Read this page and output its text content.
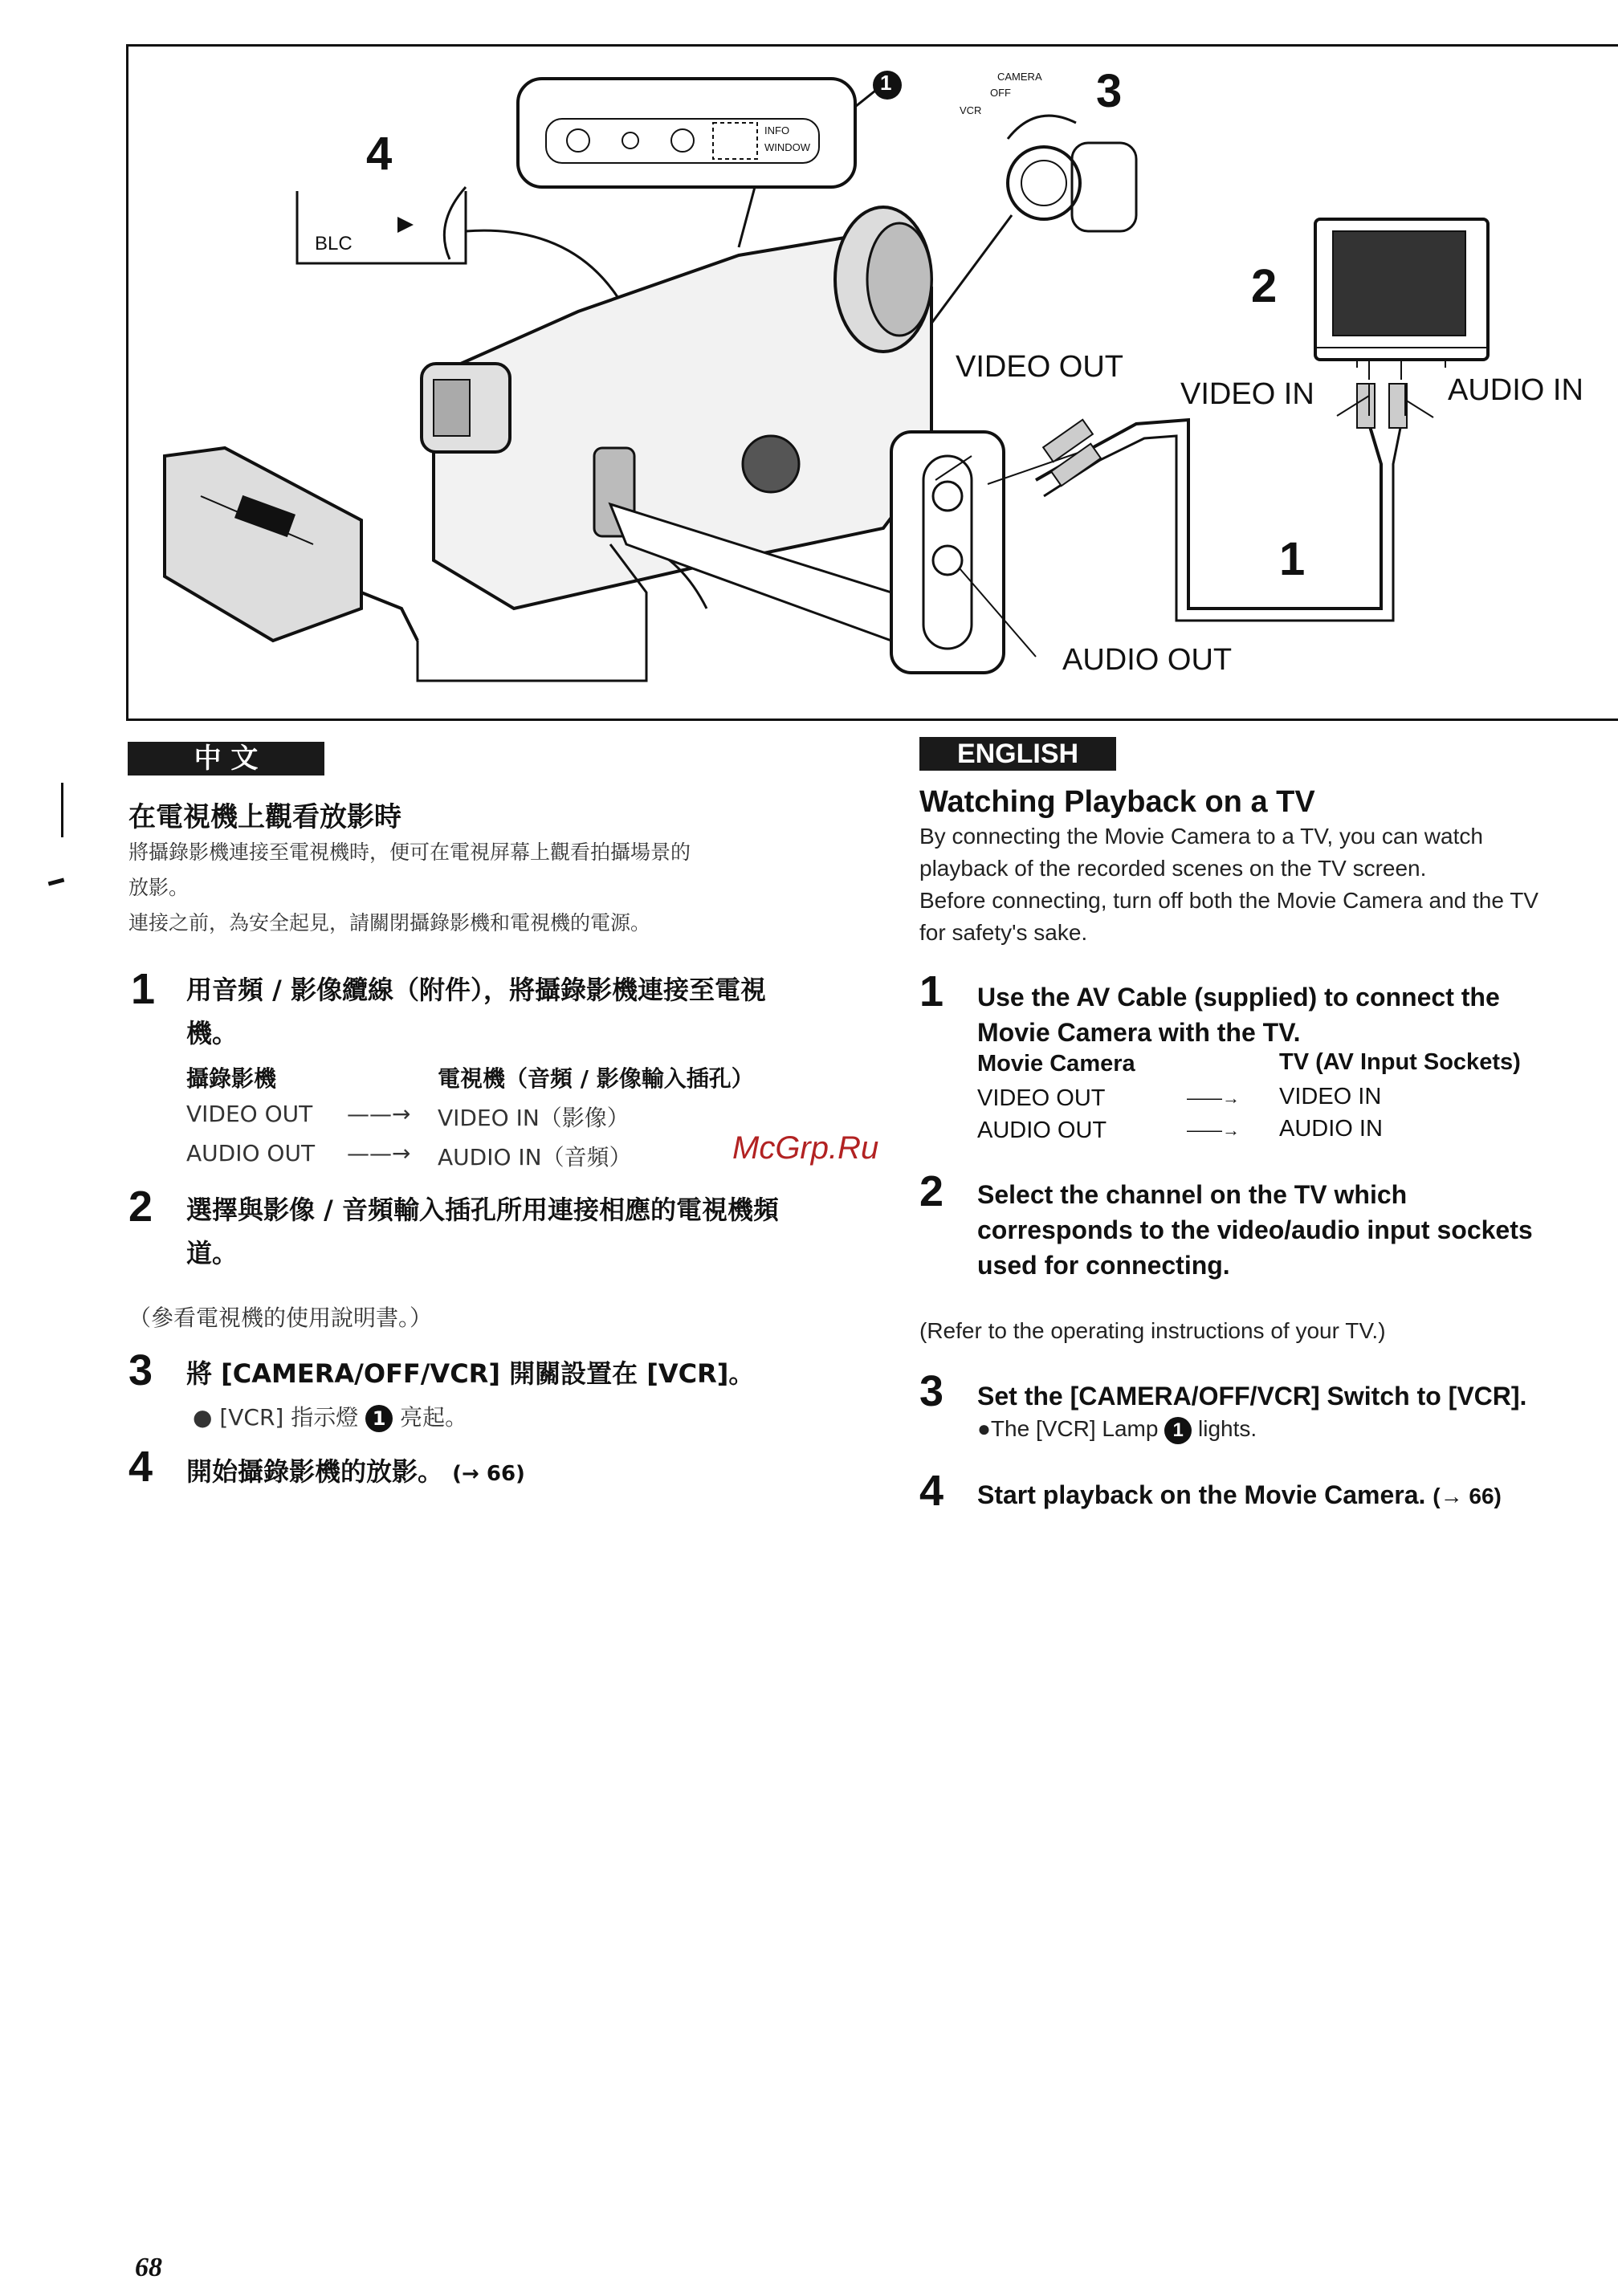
VIDEO OUT
VIDEO IN	AUDIO IN
AUDIO OUT
BLC
INFO
WINDOW
CAMERA
OFF
VCR
4
3
2
1
1
中 文
在電視機上觀看放影時
將攝錄影機連接至電視機時，便可在電視屏幕上觀看拍攝場景的
放影。
連接之前，為安全起見，請關閉攝錄影機和電視機的電源。
1 用音頻 / 影像纜線（附件），將攝錄影機連接至電視
機。
攝錄影機	電視機（音頻 / 影像輸入插孔）
VIDEO OUT ——→ VIDEO IN（影像）
AUDIO OUT ——→ AUDIO IN（音頻）
2 選擇與影像 / 音頻輸入插孔所用連接相應的電視機頻
道。
（參看電視機的使用說明書。）
3 將 [CAMERA/OFF/VCR] 開關設置在 [VCR]。
● [VCR] 指示燈 1 亮起。
4 開始攝錄影機的放影。 (→ 66)
McGrp.Ru
ENGLISH
Watching Playback on a TV
By connecting the Movie Camera to a TV, you can watch
playback of the recorded scenes on the TV screen.
Before connecting, turn off both the Movie Camera and the TV
for safety's sake.
1 Use the AV Cable (supplied) to connect the
Movie Camera with the TV.
Movie Camera	TV (AV Input Sockets)
VIDEO OUT	——→ VIDEO IN
AUDIO OUT	——→ AUDIO IN
2 Select the channel on the TV which
corresponds to the video/audio input sockets
used for connecting.
(Refer to the operating instructions of your TV.)
3 Set the [CAMERA/OFF/VCR] Switch to [VCR].
●The [VCR] Lamp 1 lights.
4 Start playback on the Movie Camera. (→ 66)
68
